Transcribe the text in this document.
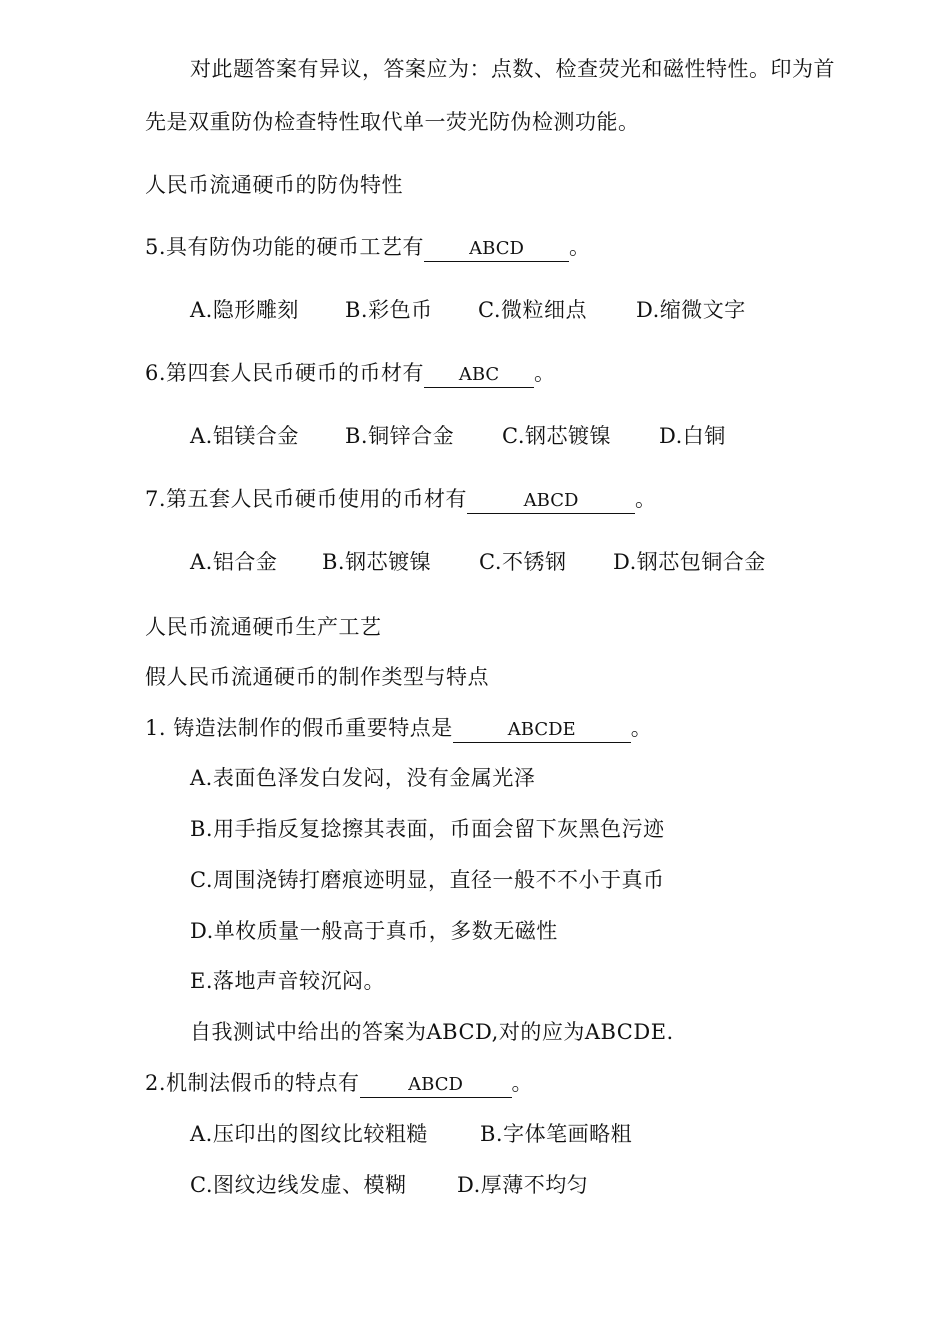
对此题答案有异议，答案应为：点数、检查荧光和磁性特性。印为首
先是双重防伪检查特性取代单一荧光防伪检测功能。
人民币流通硬币的防伪特性
5.具有防伪功能的硬币工艺有	ABCD 。
A.隐形雕刻 B.彩色币 C.微粒细点 D.缩微文字
6.第四套人民币硬币的币材有 ABC 。
A.铝镁合金 B.铜锌合金 C.钢芯镀镍 D.白铜
7.第五套人民币硬币使用的币材有	ABCD	。
A.铝合金 B.钢芯镀镍 C.不锈钢 D.钢芯包铜合金
人民币流通硬币生产工艺
假人民币流通硬币的制作类型与特点
1. 铸造法制作的假币重要特点是	ABCDE	。
A.表面色泽发白发闷，没有金属光泽
B.用手指反复捻擦其表面，币面会留下灰黑色污迹
C.周围浇铸打磨痕迹明显，直径一般不不小于真币
D.单枚质量一般高于真币，多数无磁性
E.落地声音较沉闷。
自我测试中给出的答案为ABCD,对的应为ABCDE.
2.机制法假币的特点有	ABCD 。
A.压印出的图纹比较粗糙 B.字体笔画略粗
C.图纹边线发虚、模糊 D.厚薄不均匀
